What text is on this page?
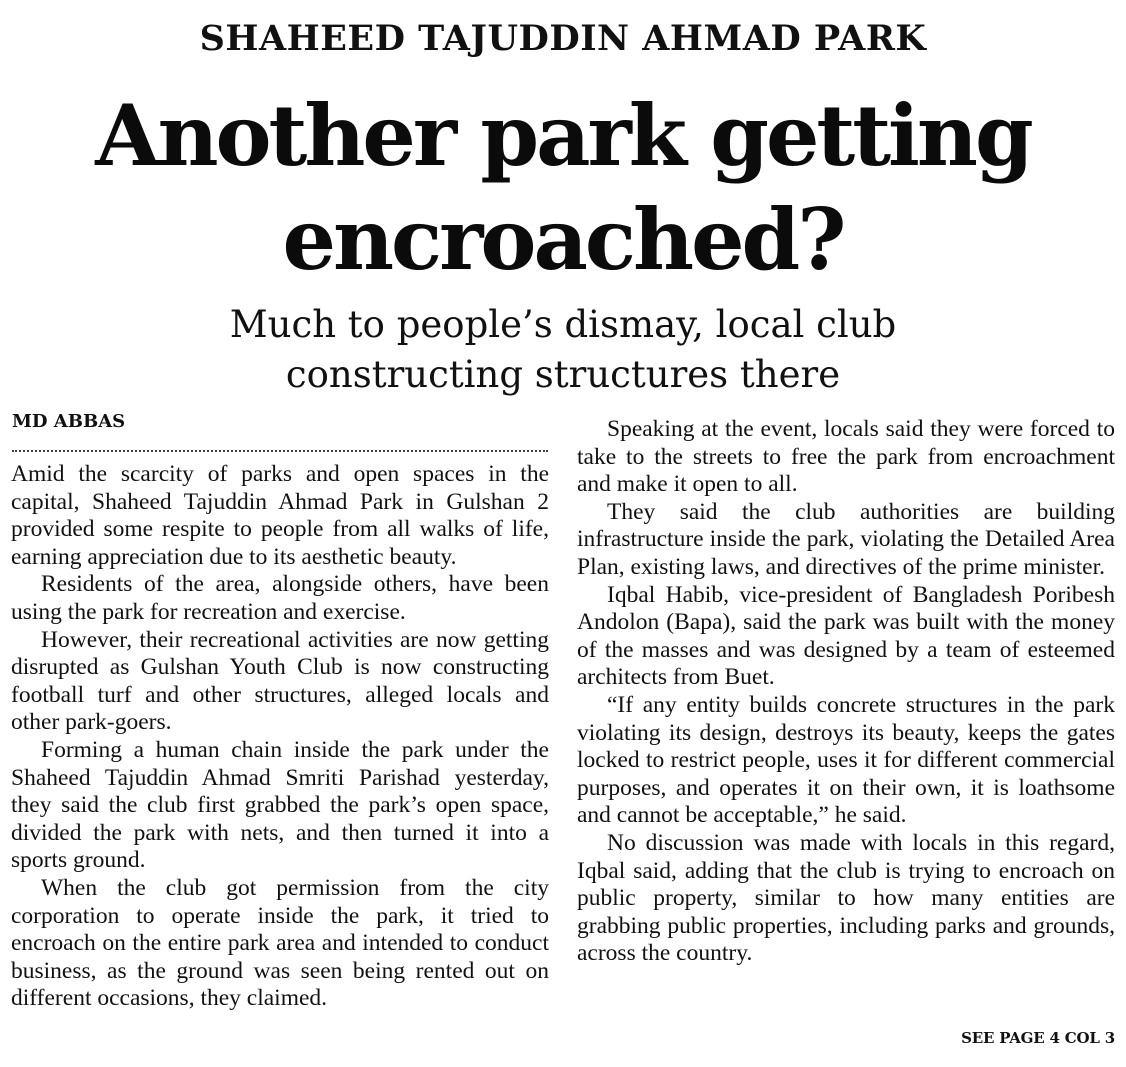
SHAHEED TAJUDDIN AHMAD PARK
Another park getting
encroached?
Much to people’s dismay, local club
constructing structures there
MD ABBAS

Amid the scarcity of parks and open spaces in the capital, Shaheed Tajuddin Ahmad Park in Gulshan 2 provided some respite to people from all walks of life, earning appreciation due to its aesthetic beauty.

Residents of the area, alongside others, have been using the park for recreation and exercise.

However, their recreational activities are now getting disrupted as Gulshan Youth Club is now constructing football turf and other structures, alleged locals and other park-goers.

Forming a human chain inside the park under the Shaheed Tajuddin Ahmad Smriti Parishad yesterday, they said the club first grabbed the park’s open space, divided the park with nets, and then turned it into a sports ground.

When the club got permission from the city corporation to operate inside the park, it tried to encroach on the entire park area and intended to conduct business, as the ground was seen being rented out on different occasions, they claimed.

Speaking at the event, locals said they were forced to take to the streets to free the park from encroachment and make it open to all.

They said the club authorities are building infrastructure inside the park, violating the Detailed Area Plan, existing laws, and directives of the prime minister.

Iqbal Habib, vice-president of Bangladesh Poribesh Andolon (Bapa), said the park was built with the money of the masses and was designed by a team of esteemed architects from Buet.

“If any entity builds concrete structures in the park violating its design, destroys its beauty, keeps the gates locked to restrict people, uses it for different commercial purposes, and operates it on their own, it is loathsome and cannot be acceptable,” he said.

No discussion was made with locals in this regard, Iqbal said, adding that the club is trying to encroach on public property, similar to how many entities are grabbing public properties, including parks and grounds, across the country.

SEE PAGE 4 COL 3
